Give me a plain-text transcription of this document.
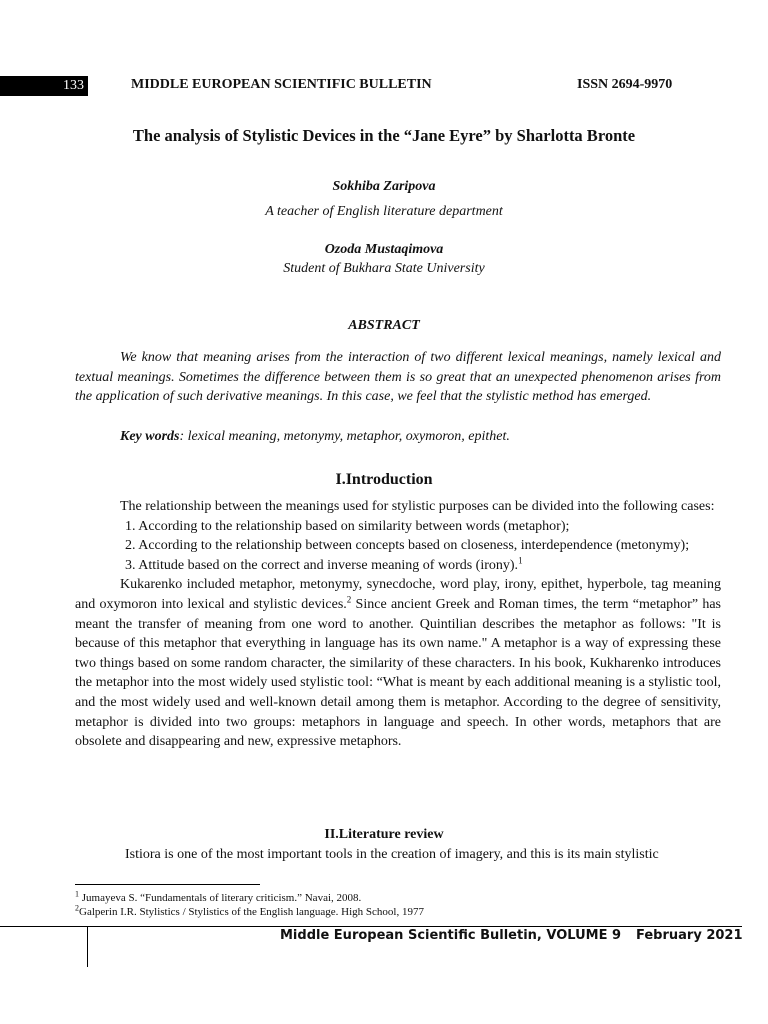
133	MIDDLE EUROPEAN SCIENTIFIC BULLETIN	ISSN 2694-9970
The analysis of Stylistic Devices in the “Jane Eyre” by Sharlotta Bronte
Sokhiba Zaripova
A teacher of English literature department
Ozoda Mustaqimova
Student of Bukhara State University
ABSTRACT
We know that meaning arises from the interaction of two different lexical meanings, namely lexical and textual meanings. Sometimes the difference between them is so great that an unexpected phenomenon arises from the application of such derivative meanings. In this case, we feel that the stylistic method has emerged.
Key words: lexical meaning, metonymy, metaphor, oxymoron, epithet.
I.Introduction

The relationship between the meanings used for stylistic purposes can be divided into the following cases:

1. According to the relationship based on similarity between words (metaphor);

2. According to the relationship between concepts based on closeness, interdependence (metonymy);

3. Attitude based on the correct and inverse meaning of words (irony).$^1$

Kukarenko included metaphor, metonymy, synecdoche, word play, irony, epithet, hyperbole, tag meaning and oxymoron into lexical and stylistic devices.$^2$ Since ancient Greek and Roman times, the term “metaphor” has meant the transfer of meaning from one word to another. Quintilian describes the metaphor as follows: "It is because of this metaphor that everything in language has its own name." A metaphor is a way of expressing these two things based on some random character, the similarity of these characters. In his book, Kukharenko introduces the metaphor into the most widely used stylistic tool: “What is meant by each additional meaning is a stylistic tool, and the most widely used and well-known detail among them is metaphor. According to the degree of sensitivity, metaphor is divided into two groups: metaphors in language and speech. In other words, metaphors that are obsolete and disappearing and new, expressive metaphors.

II.Literature review
Istiora is one of the most important tools in the creation of imagery, and this is its main stylistic
$^1$ Jumayeva S. “Fundamentals of literary criticism.” Navai, 2008.
$^2$Galperin I.R. Stylistics / Stylistics of the English language. High School, 1977
Middle European Scientific Bulletin, VOLUME 9 February 2021
